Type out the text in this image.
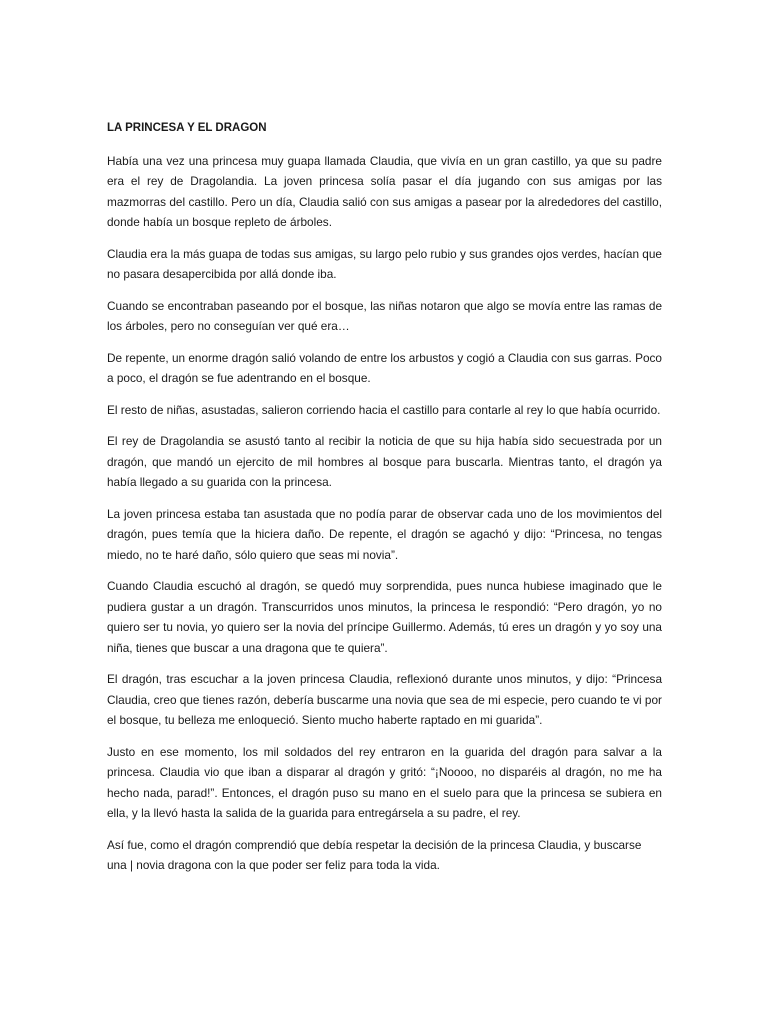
LA PRINCESA Y EL DRAGON

Había una vez una princesa muy guapa llamada Claudia, que vivía en un gran castillo, ya que su padre era el rey de Dragolandia. La joven princesa solía pasar el día jugando con sus amigas por las mazmorras del castillo. Pero un día, Claudia salió con sus amigas a pasear por la alrededores del castillo, donde había un bosque repleto de árboles.

Claudia era la más guapa de todas sus amigas, su largo pelo rubio y sus grandes ojos verdes, hacían que no pasara desapercibida por allá donde iba.

Cuando se encontraban paseando por el bosque, las niñas notaron que algo se movía entre las ramas de los árboles, pero no conseguían ver qué era…

De repente, un enorme dragón salió volando de entre los arbustos y cogió a Claudia con sus garras. Poco a poco, el dragón se fue adentrando en el bosque.

El resto de niñas, asustadas, salieron corriendo hacia el castillo para contarle al rey lo que había ocurrido.

El rey de Dragolandia se asustó tanto al recibir la noticia de que su hija había sido secuestrada por un dragón, que mandó un ejercito de mil hombres al bosque para buscarla. Mientras tanto, el dragón ya había llegado a su guarida con la princesa.

La joven princesa estaba tan asustada que no podía parar de observar cada uno de los movimientos del dragón, pues temía que la hiciera daño. De repente, el dragón se agachó y dijo: “Princesa, no tengas miedo, no te haré daño, sólo quiero que seas mi novia”.

Cuando Claudia escuchó al dragón, se quedó muy sorprendida, pues nunca hubiese imaginado que le pudiera gustar a un dragón. Transcurridos unos minutos, la princesa le respondió: “Pero dragón, yo no quiero ser tu novia, yo quiero ser la novia del príncipe Guillermo. Además, tú eres un dragón y yo soy una niña, tienes que buscar a una dragona que te quiera”.

El dragón, tras escuchar a la joven princesa Claudia, reflexionó durante unos minutos, y dijo: “Princesa Claudia, creo que tienes razón, debería buscarme una novia que sea de mi especie, pero cuando te vi por el bosque, tu belleza me enloqueció. Siento mucho haberte raptado en mi guarida”.

Justo en ese momento, los mil soldados del rey entraron en la guarida del dragón para salvar a la princesa. Claudia vio que iban a disparar al dragón y gritó: “¡Noooo, no disparéis al dragón, no me ha hecho nada, parad!”. Entonces, el dragón puso su mano en el suelo para que la princesa se subiera en ella, y la llevó hasta la salida de la guarida para entregársela a su padre, el rey.

Así fue, como el dragón comprendió que debía respetar la decisión de la princesa Claudia, y buscarse una | novia dragona con la que poder ser feliz para toda la vida.
